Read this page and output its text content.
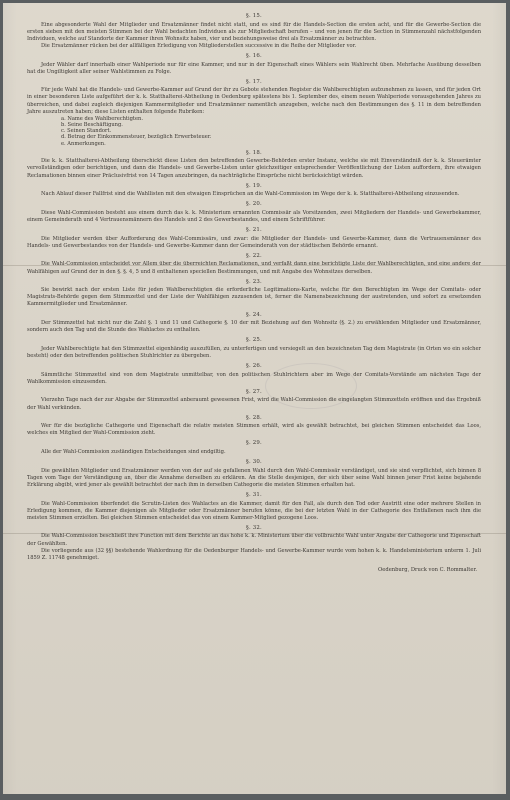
§. 15.

Eine abgesonderte Wahl der Mitglieder und Ersatzmänner findet nicht statt, und es sind für die Handels-Section die ersten acht, und für die Gewerbe-Section die ersten sieben mit den meisten Stimmen bei der Wahl bedachten Individuen als zur Mitgliedschaft berufen – und von jenen für die Section in Stimmenzahl nächstfolgenden Individuen, welche auf Standorte der Kammer ihren Wohnsitz haben, vier und beziehungsweise drei als Ersatzmänner zu betrachten.

Die Ersatzmänner rücken bei der allfälligen Erledigung von Mitgliederstellen successive in die Reihe der Mitglieder vor.

§. 16.

Jeder Wähler darf innerhalb einer Wahlperiode nur für eine Kammer, und nur in der Eigenschaft eines Wählers sein Wahlrecht üben. Mehrfache Ausübung desselben hat die Ungiltigkeit aller seiner Wahlstimmen zu Folge.

§. 17.

Für jede Wahl hat die Handels- und Gewerbe-Kammer auf Grund der ihr zu Gebote stehenden Register die Wahlberechtigten aufzunehmen zu lassen, und für jeden Ort in einer besonderen Liste aufgeführt der k. k. Statthalterei-Abtheilung in Oedenburg spätestens bis 1. September des, einem neuen Wahlperiode vorausgehenden Jahres zu überreichen, und dabei zugleich diejenigen Kammermitglieder und Ersatzmänner namentlich anzugeben, welche nach den Bestimmungen des §. 11 in dem betreffenden Jahre auszutreten haben; diese Listen enthalten folgende Rubriken:

a. Name des Wahlberechtigten.
b. Seine Beschäftigung.
c. Seinen Standort.
d. Betrag der Einkommensteuer, bezüglich Erwerbsteuer.
e. Anmerkungen.
§. 18.

Die k. k. Statthalterei-Abtheilung überschickt diese Listen den betreffenden Gewerbe-Behörden erster Instanz, welche sie mit Einverständniß der k. k. Steuerämter vervollständigen oder berichtigen, und dann die Handels- und Gewerbe-Listen unter gleichzeitiger entsprechender Veröffentlichung der Listen auffordern, ihre etwaigen Reclamationen binnen einer Präclusivfrist von 14 Tagen anzubringen, da nachträgliche Einsprüche nicht berücksichtigt würden.

§. 19.

Nach Ablauf dieser Fallfrist sind die Wahllisten mit den etwaigen Einsprüchen an die Wahl-Commission im Wege der k. k. Statthalterei-Abtheilung einzusenden.

§. 20.

Diese Wahl-Commission besteht aus einem durch das k. k. Ministerium ernannten Commissär als Vorsitzenden, zwei Mitgliedern der Handels- und Gewerbekammer, einem Gemeinderath und 4 Vertrauensmännern des Handels und 2 des Gewerbestandes, und einem Schriftführer.

§. 21.

Die Mitglieder werden über Aufforderung des Wahl-Commissärs, und zwar: die Mitglieder der Handels- und Gewerbe-Kammer, dann die Vertrauensmänner des Handels- und Gewerbestandes von der Handels- und Gewerbe-Kammer dann der Gemeinderath von der städtischen Behörde ernannt.

§. 22.

Die Wahl-Commission entscheidet vor Allem über die überreichten Reclamationen, und verfaßt dann eine berichtigte Liste der Wahlberechtigten, und eine andere der Wahlfähigen auf Grund der in den §. §. 4, 5 und 8 enthaltenen speciellen Bestimmungen, und mit Angabe des Wohnsitzes derselben.

§. 23.

Sie bewirkt nach der ersten Liste für jeden Wahlberechtigten die erforderliche Legitimations-Karte, welche für den Berechtigten im Wege der Comitats- oder Magistrats-Behörde gegen dem Stimmzettel und der Liste der Wahlfähigen zuzusenden ist, ferner die Namensbezeichnung der austretenden, und sofort zu ersetzenden Kammermitglieder und Ersatzmänner.

§. 24.

Der Stimmzettel hat nicht nur die Zahl §. 1 und 11 und Cathegorie §. 10 der mit Beziehung auf den Wohnsitz (§. 2.) zu erwählenden Mitglieder und Ersatzmänner, sondern auch den Tag und die Stunde des Wahlactes zu enthalten.

§. 25.

Jeder Wahlberechtigte hat den Stimmzettel eigenhändig auszufüllen, zu unterfertigen und versiegelt an den bezeichneten Tag dem Magistrate (in Orten wo ein solcher besteht) oder den betreffenden politischen Stuhlrichter zu übergeben.

§. 26.

Sämmtliche Stimmzettel sind von dem Magistrate unmittelbar, von den politischen Stuhlrichtern aber im Wege der Comitats-Vorstände am nächsten Tage der Wahlkommission einzusenden.

§. 27.

Vierzehn Tage nach der zur Abgabe der Stimmzettel anberaumt gewesenen Frist, wird die Wahl-Commission die eingelangten Stimmzetteln eröffnen und das Ergebniß der Wahl verkünden.

§. 28.

Wer für die bezügliche Cathegorie und Eigenschaft die relativ meisten Stimmen erhält, wird als gewählt betrachtet, bei gleichen Stimmen entscheidet das Loos, welches ein Mitglied der Wahl-Commission zieht.

§. 29.

Alle der Wahl-Commission zuständigen Entscheidungen sind endgiltig.

§. 30.

Die gewählten Mitglieder und Ersatzmänner werden von der auf sie gefallenen Wahl durch den Wahl-Commissär verständiget, und sie sind verpflichtet, sich binnen 8 Tagen vom Tage der Verständigung an, über die Annahme derselben zu erklären. An die Stelle desjenigen, der sich über seine Wahl binnen jener Frist keine bejahende Erklärung abgibt, wird jener als gewählt betrachtet der nach ihm in derselben Cathegorie die meisten Stimmen erhalten hat.

§. 31.

Die Wahl-Commission überfendet die Scrutin-Listen des Wahlactes an die Kammer, damit für den Fall, als durch den Tod oder Austritt eine oder mehrere Stellen in Erledigung kommen, die Kammer diejenigen als Mitglieder oder Ersatzmänner berufen könne, die bei der letzten Wahl in der Cathegorie des Entfallenen nach ihm die meisten Stimmen erzielten. Bei gleichen Stimmen entscheidet das von einem Kammer-Mitglied gezogene Loos.

§. 32.

Die Wahl-Commission beschließt ihre Function mit dem Berichte an das hohe k. k. Ministerium über die vollbrachte Wahl unter Angabe der Cathegorie und Eigenschaft der Gewählten.

Die vorliegende aus (32 §§) bestehende Wahlordnung für die Oedenburger Handels- und Gewerbe-Kammer wurde vom hohen k. k. Handelsministerium unterm 1. Juli 1859 Z. 11748 genehmiget.

Oedenburg, Druck von C. Rommalter.
